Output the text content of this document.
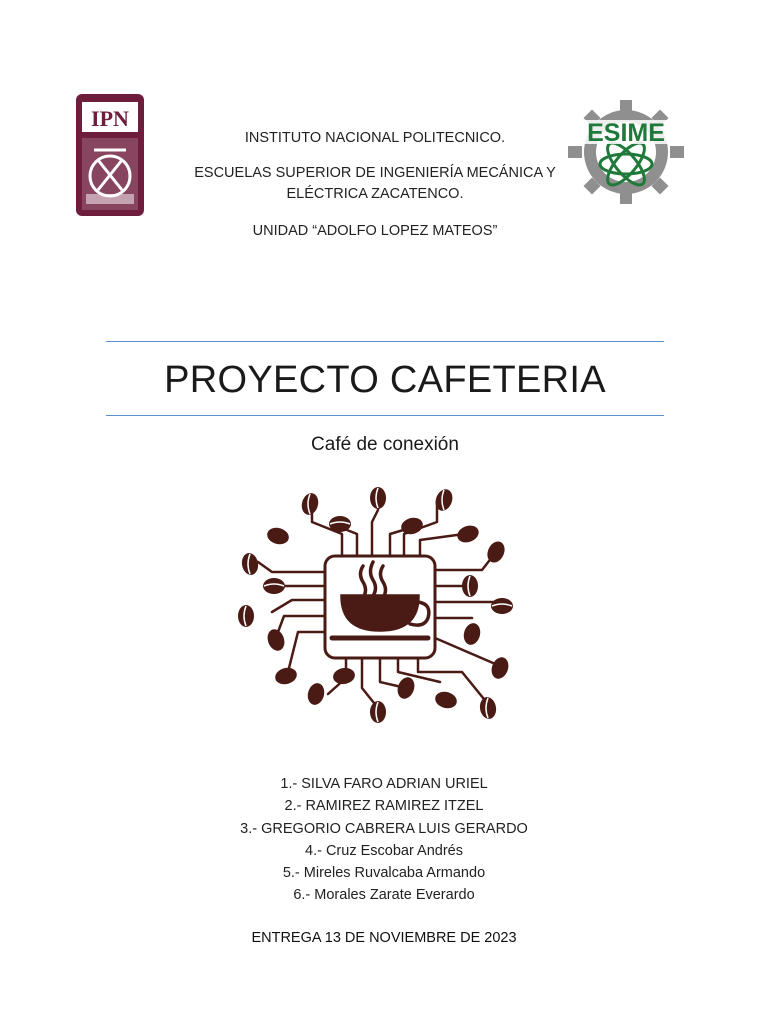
IPN
ESIME
INSTITUTO NACIONAL POLITECNICO.
ESCUELAS SUPERIOR DE INGENIERÍA MECÁNICA Y ELÉCTRICA ZACATENCO.
UNIDAD “ADOLFO LOPEZ MATEOS”
PROYECTO CAFETERIA
Café de conexión
1.- SILVA FARO ADRIAN URIEL
2.- RAMIREZ RAMIREZ ITZEL
3.- GREGORIO CABRERA LUIS GERARDO
4.- Cruz Escobar Andrés
5.- Mireles Ruvalcaba Armando
6.- Morales Zarate Everardo
ENTREGA 13 DE NOVIEMBRE DE 2023
